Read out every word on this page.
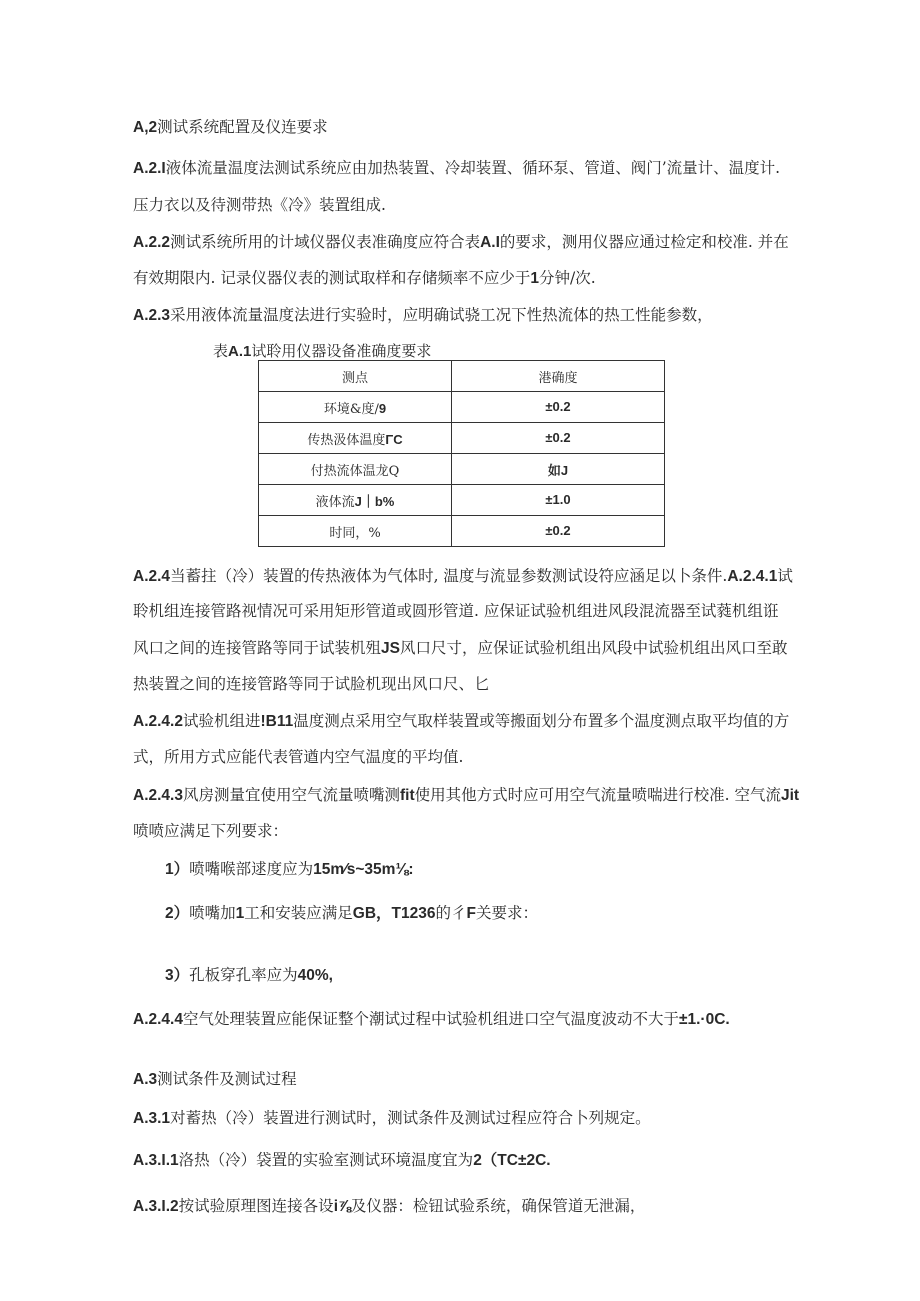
A,2测试系统配置及仪连要求
A.2.I液体流量温度法测试系统应由加热装置、冷却装置、循环泵、管道、阀门’流量计、温度计.
压力衣以及待测带热《冷》装置组成.
A.2.2测试系统所用的计域仪器仪表准确度应符合表A.I的要求，测用仪器应通过检定和校准. 并在
有效期限内. 记录仪器仪表的测试取样和存储频率不应少于1分钟/次.
A.2.3采用液体流量温度法进行实验时，应明确试骁工况下性热流体的热工性能参数，
表A.1试聆用仪器设备准确度要求
测点	港确度
环境&度/9	±0.2
传热汲体温度ΓC	±0.2
付热流体温龙Q	如J
液体流J｜b%	±1.0
时同，%	±0.2
A.2.4当蓄拄（冷）装置的传热液体为气体时, 温度与流显参数测试设符应涵足以卜条件.A.2.4.1试
聆机组连接管路视情况可采用矩形管道或圆形管道. 应保证试验机组进风段混流器至试蕤机组诳
风口之间的连接管路等同于试装机殂JS风口尺寸，应保证试验机组出风段中试验机组出风口至敢
热装置之间的连接管路等同于试脸机现出风口尺、匕
A.2.4.2试验机组进!B11温度测点采用空气取样装置或等搬面划分布置多个温度测点取平均值的方
式，所用方式应能代表管遒内空气温度的平均值.
A.2.4.3风房测量宜使用空气流量喷嘴测fit使用其他方式时应可用空气流量喷喘进行校准. 空气流Jit
喷喷应满足下列要求：
1）喷嘴喉部逑度应为15m⁄s~35m⅛:
2）喷嘴加1工和安装应满足GB，T1236的彳F关要求：
3）孔板穿孔率应为40%,
A.2.4.4空气处理装置应能保证整个潮试过程中试验机组进口空气温度波动不大于±1.·0C.
A.3测试条件及测试过程
A.3.1对蓄热（冷）装置进行测试时，测试条件及测试过程应符合卜列规定。
A.3.I.1洛热（冷）袋置的实验室测试环境温度宜为2（TC±2C.
A.3.I.2按试验原理图连接各设i⅞及仪器：检钮试验系统，确保管道无泄漏，
